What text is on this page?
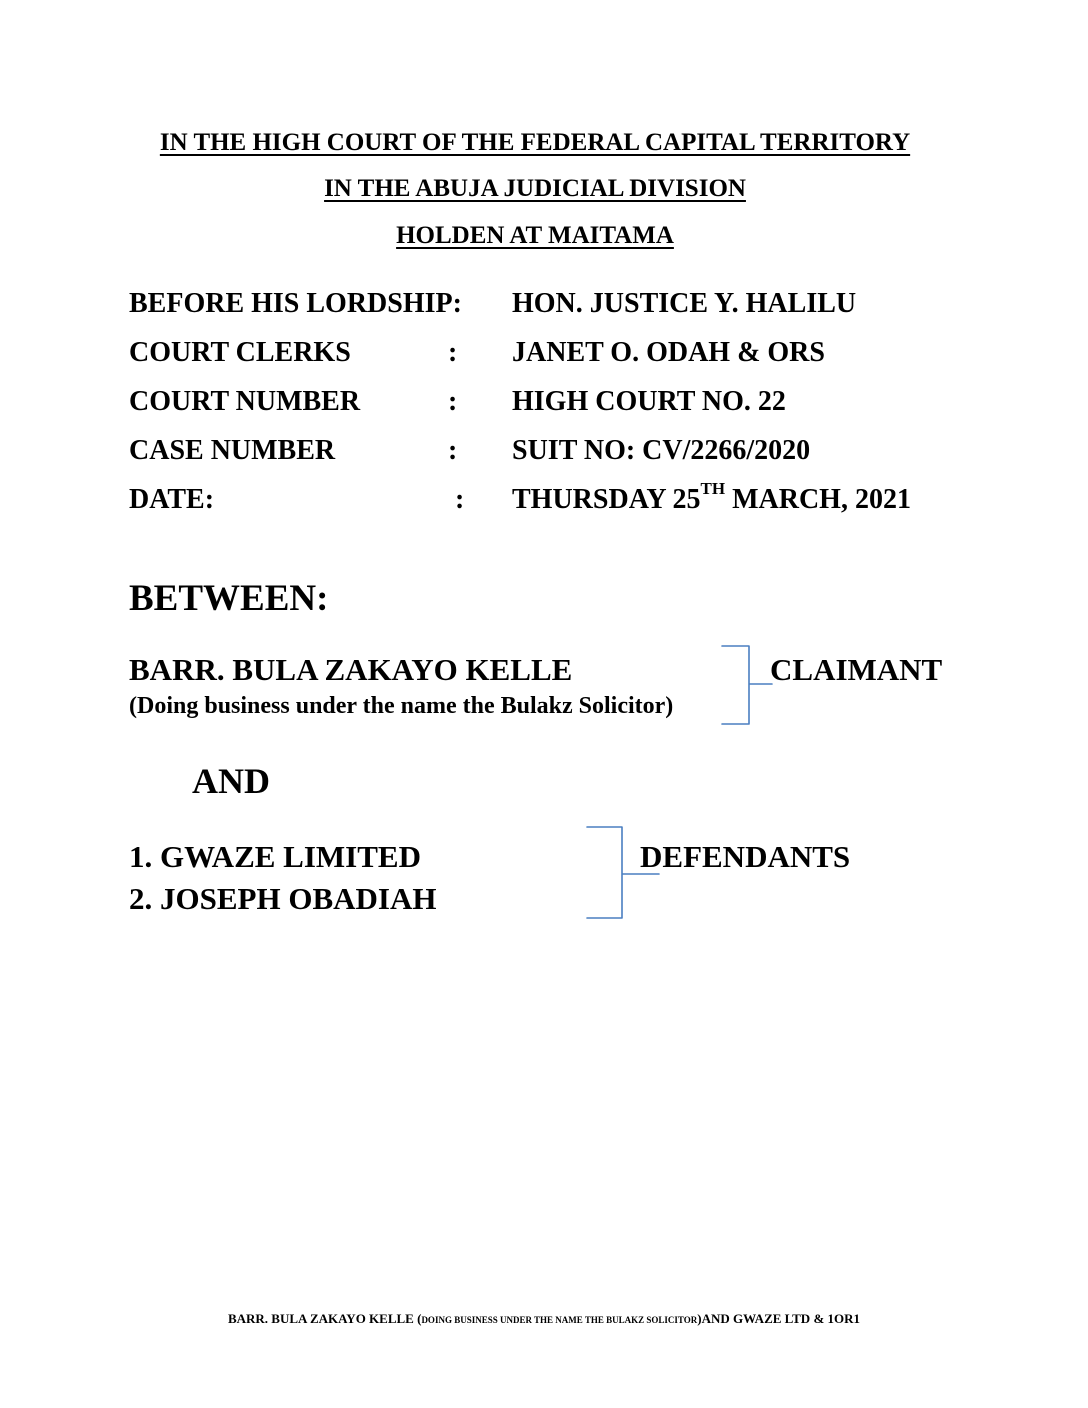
IN THE HIGH COURT OF THE FEDERAL CAPITAL TERRITORY
IN THE ABUJA JUDICIAL DIVISION
HOLDEN AT MAITAMA
BEFORE HIS LORDSHIP: HON. JUSTICE Y. HALILU
COURT CLERKS	: JANET O. ODAH & ORS
COURT NUMBER	: HIGH COURT NO. 22
CASE NUMBER	: SUIT NO: CV/2266/2020
DATE:	: THURSDAY 25TH MARCH, 2021
BETWEEN:
BARR. BULA ZAKAYO KELLE
(Doing business under the name the Bulakz Solicitor)
CLAIMANT
AND
1. GWAZE LIMITED
2. JOSEPH OBADIAH
DEFENDANTS
BARR. BULA ZAKAYO KELLE (DOING BUSINESS UNDER THE NAME THE BULAKZ SOLICITOR)AND GWAZE LTD & 1OR1
